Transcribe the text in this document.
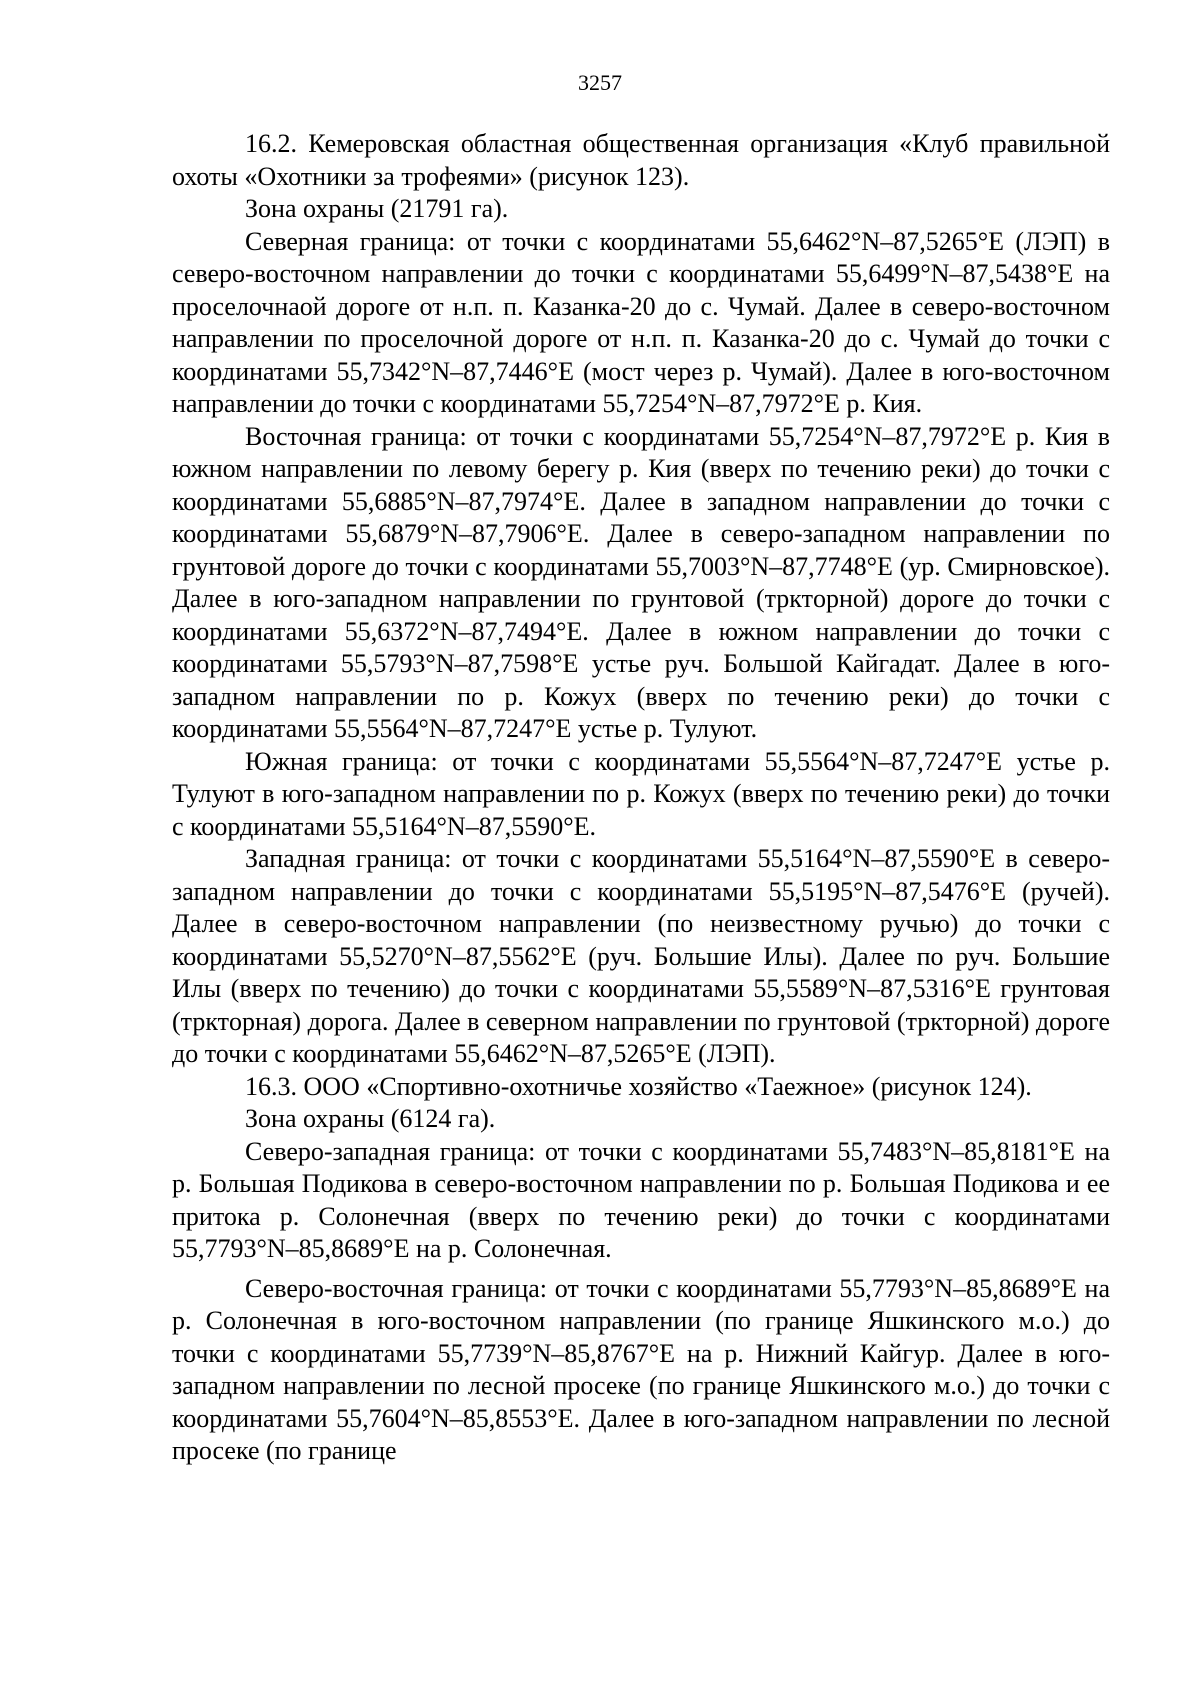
3257

16.2. Кемеровская областная общественная организация «Клуб правильной охоты «Охотники за трофеями» (рисунок 123).

Зона охраны (21791 га).

Северная граница: от точки с координатами 55,6462°N–87,5265°E (ЛЭП) в северо-восточном направлении до точки с координатами 55,6499°N–87,5438°E на проселочнаой дороге от н.п. п. Казанка-20 до с. Чумай. Далее в северо-восточном направлении по проселочной дороге от н.п. п. Казанка-20 до с. Чумай до точки с координатами 55,7342°N–87,7446°E (мост через р. Чумай). Далее в юго-восточном направлении до точки с координатами 55,7254°N–87,7972°E р. Кия.

Восточная граница: от точки с координатами 55,7254°N–87,7972°E р. Кия в южном направлении по левому берегу р. Кия (вверх по течению реки) до точки с координатами 55,6885°N–87,7974°E. Далее в западном направлении до точки с координатами 55,6879°N–87,7906°E. Далее в северо-западном направлении по грунтовой дороге до точки с координатами 55,7003°N–87,7748°E (ур. Смирновское). Далее в юго-западном направлении по грунтовой (трктoрной) дороге до точки с координатами 55,6372°N–87,7494°E. Далее в южном направлении до точки с координатами 55,5793°N–87,7598°E устье руч. Большой Кайгадат. Далее в юго-западном направлении по р. Кожух (вверх по течению реки) до точки с координатами 55,5564°N–87,7247°E устье р. Тулуют.

Южная граница: от точки с координатами 55,5564°N–87,7247°E устье р. Тулуют в юго-западном направлении по р. Кожух (вверх по течению реки) до точки с координатами 55,5164°N–87,5590°E.

Западная граница: от точки с координатами 55,5164°N–87,5590°E в северо-западном направлении до точки с координатами 55,5195°N–87,5476°E (ручей). Далее в северо-восточном направлении (по неизвестному ручью) до точки с координатами 55,5270°N–87,5562°E (руч. Большие Илы). Далее по руч. Большие Илы (вверх по течению) до точки с координатами 55,5589°N–87,5316°E грунтовая (трктoрная) дорога. Далее в северном направлении по грунтовой (трктoрной) дороге до точки с координатами 55,6462°N–87,5265°E (ЛЭП).

16.3. ООО «Спортивно-охотничье хозяйство «Таежное» (рисунок 124).

Зона охраны (6124 га).

Северо-западная граница: от точки с координатами 55,7483°N–85,8181°E на р. Большая Подикова в северо-восточном направлении по р. Большая Подикова и ее притока р. Солонечная (вверх по течению реки) до точки с координатами 55,7793°N–85,8689°E на р. Солонечная.

Северо-восточная граница: от точки с координатами 55,7793°N–85,8689°E на р. Солонечная в юго-восточном направлении (по границе Яшкинского м.о.) до точки с координатами 55,7739°N–85,8767°E на р. Нижний Кайгур. Далее в юго-западном направлении по лесной просеке (по границе Яшкинского м.о.) до точки с координатами 55,7604°N–85,8553°E. Далее в юго-западном направлении по лесной просеке (по границе
